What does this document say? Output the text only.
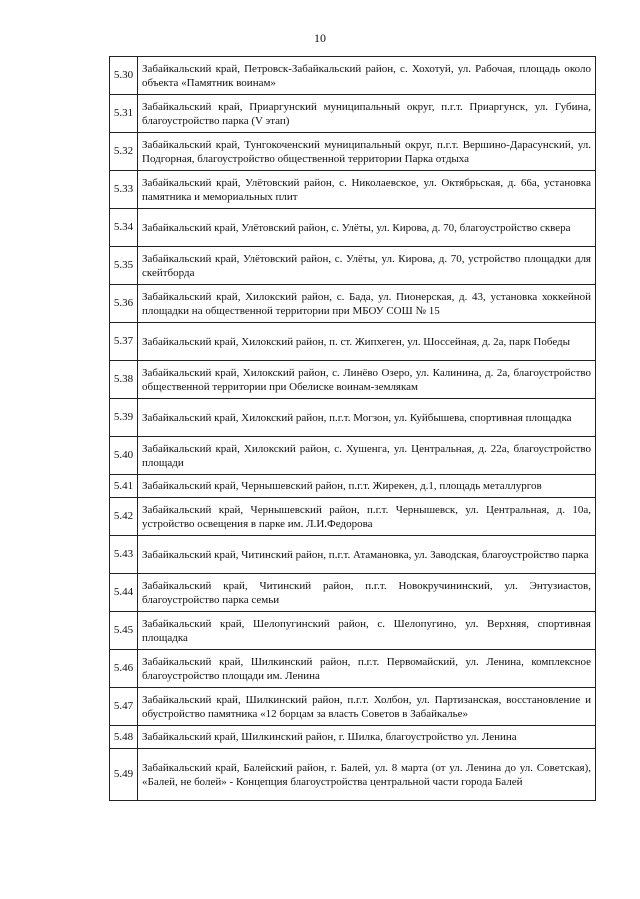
10
5.30	Забайкальский край, Петровск-Забайкальский район, с. Хохотуй, ул. Рабочая, площадь около объекта «Памятник воинам»
5.31	Забайкальский край, Приаргунский муниципальный округ, п.г.т. Приаргунск, ул. Губина, благоустройство парка (V этап)
5.32	Забайкальский край, Тунгокоченский муниципальный округ, п.г.т. Вершино-Дарасунский, ул. Подгорная, благоустройство общественной территории Парка отдыха
5.33	Забайкальский край, Улётовский район, с. Николаевское, ул. Октябрьская, д. 66а, установка памятника и мемориальных плит
5.34	Забайкальский край, Улётовский район, с. Улёты, ул. Кирова, д. 70, благоустройство сквера
5.35	Забайкальский край, Улётовский район, с. Улёты, ул. Кирова, д. 70, устройство площадки для скейтборда
5.36	Забайкальский край, Хилокский район, с. Бада, ул. Пионерская, д. 43, установка хоккейной площадки на общественной территории при МБОУ СОШ № 15
5.37	Забайкальский край, Хилокский район, п. ст. Жипхеген, ул. Шоссейная, д. 2а, парк Победы
5.38	Забайкальский край, Хилокский район, с. Линёво Озеро, ул. Калинина, д. 2а, благоустройство общественной территории при Обелиске воинам-землякам
5.39	Забайкальский край, Хилокский район, п.г.т. Могзон, ул. Куйбышева, спортивная площадка
5.40	Забайкальский край, Хилокский район, с. Хушенга, ул. Центральная, д. 22а, благоустройство площади
5.41	Забайкальский край, Чернышевский район, п.г.т. Жирекен, д.1, площадь металлургов
5.42	Забайкальский край, Чернышевский район, п.г.т. Чернышевск, ул. Центральная, д. 10а, устройство освещения в парке им. Л.И.Федорова
5.43	Забайкальский край, Читинский район, п.г.т. Атамановка, ул. Заводская, благоустройство парка
5.44	Забайкальский край, Читинский район, п.г.т. Новокручининский, ул. Энтузиастов, благоустройство парка семьи
5.45	Забайкальский край, Шелопугинский район, с. Шелопугино, ул. Верхняя, спортивная площадка
5.46	Забайкальский край, Шилкинский район, п.г.т. Первомайский, ул. Ленина, комплексное благоустройство площади им. Ленина
5.47	Забайкальский край, Шилкинский район, п.г.т. Холбон, ул. Партизанская, восстановление и обустройство памятника «12 борцам за власть Советов в Забайкалье»
5.48	Забайкальский край, Шилкинский район, г. Шилка, благоустройство ул. Ленина
5.49	Забайкальский край, Балейский район, г. Балей, ул. 8 марта (от ул. Ленина до ул. Советская), «Балей, не болей» - Концепция благоустройства центральной части города Балей
